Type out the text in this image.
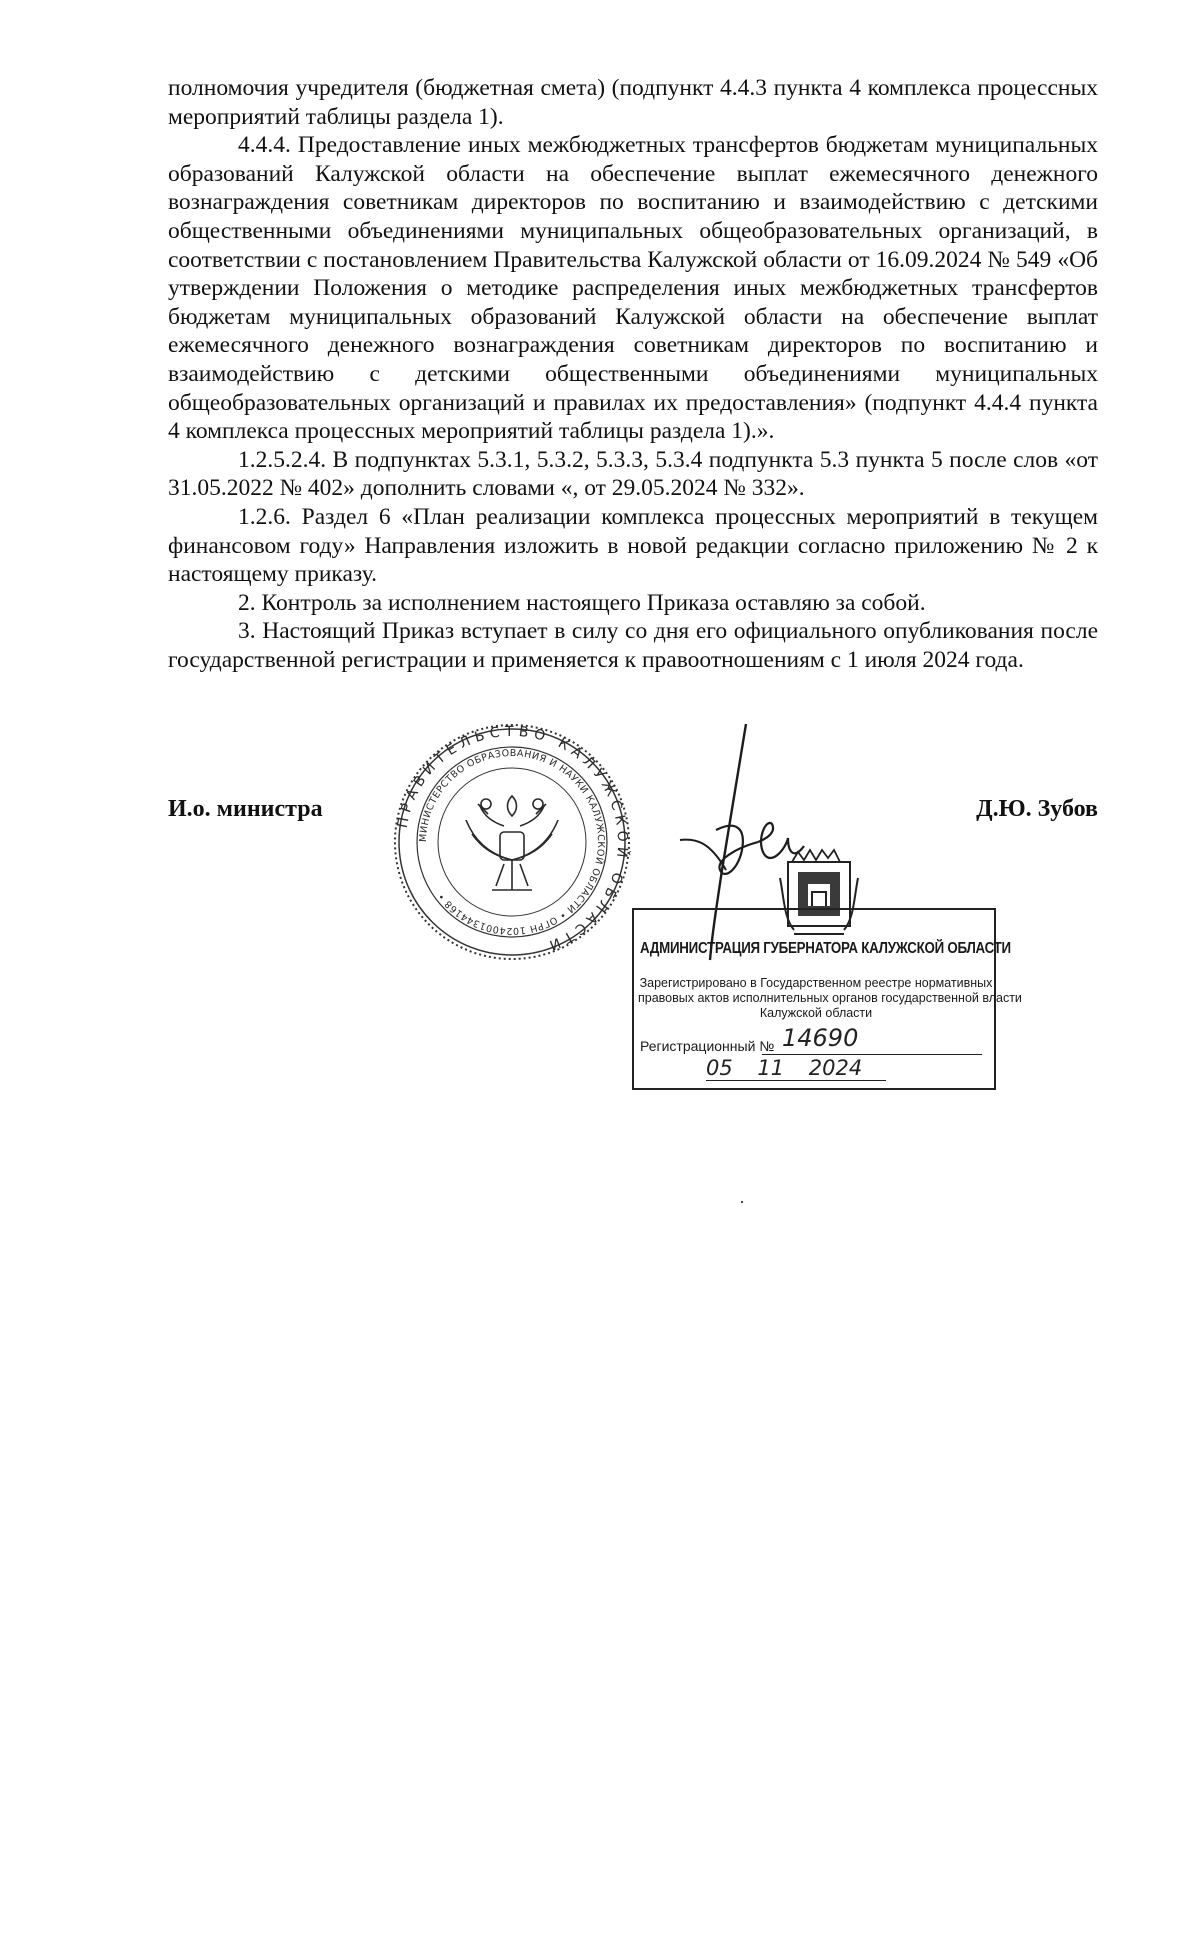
полномочия учредителя (бюджетная смета) (подпункт 4.4.3 пункта 4 комплекса процессных мероприятий таблицы раздела 1).

4.4.4. Предоставление иных межбюджетных трансфертов бюджетам муниципальных образований Калужской области на обеспечение выплат ежемесячного денежного вознаграждения советникам директоров по воспитанию и взаимодействию с детскими общественными объединениями муниципальных общеобразовательных организаций, в соответствии с постановлением Правительства Калужской области от 16.09.2024 № 549 «Об утверждении Положения о методике распределения иных межбюджетных трансфертов бюджетам муниципальных образований Калужской области на обеспечение выплат ежемесячного денежного вознаграждения советникам директоров по воспитанию и взаимодействию с детскими общественными объединениями муниципальных общеобразовательных организаций и правилах их предоставления» (подпункт 4.4.4 пункта 4 комплекса процессных мероприятий таблицы раздела 1).».

1.2.5.2.4. В подпунктах 5.3.1, 5.3.2, 5.3.3, 5.3.4 подпункта 5.3 пункта 5 после слов «от 31.05.2022 № 402» дополнить словами «, от 29.05.2024 № 332».

1.2.6. Раздел 6 «План реализации комплекса процессных мероприятий в текущем финансовом году» Направления изложить в новой редакции согласно приложению № 2 к настоящему приказу.

2. Контроль за исполнением настоящего Приказа оставляю за собой.

3. Настоящий Приказ вступает в силу со дня его официального опубликования после государственной регистрации и применяется к правоотношениям с 1 июля 2024 года.

ПРАВИТЕЛЬСТВО КАЛУЖСКОЙ ОБЛАСТИ
МИНИСТЕРСТВО ОБРАЗОВАНИЯ И НАУКИ КАЛУЖСКОЙ ОБЛАСТИ • ОГРН 1024001344168 •
И.о. министра	Д.Ю. Зубов
АДМИНИСТРАЦИЯ ГУБЕРНАТОРА КАЛУЖСКОЙ ОБЛАСТИ
Зарегистрировано в Государственном реестре нормативных
правовых актов исполнительных органов государственной власти
Калужской области
Регистрационный № 14690
05 11 2024
